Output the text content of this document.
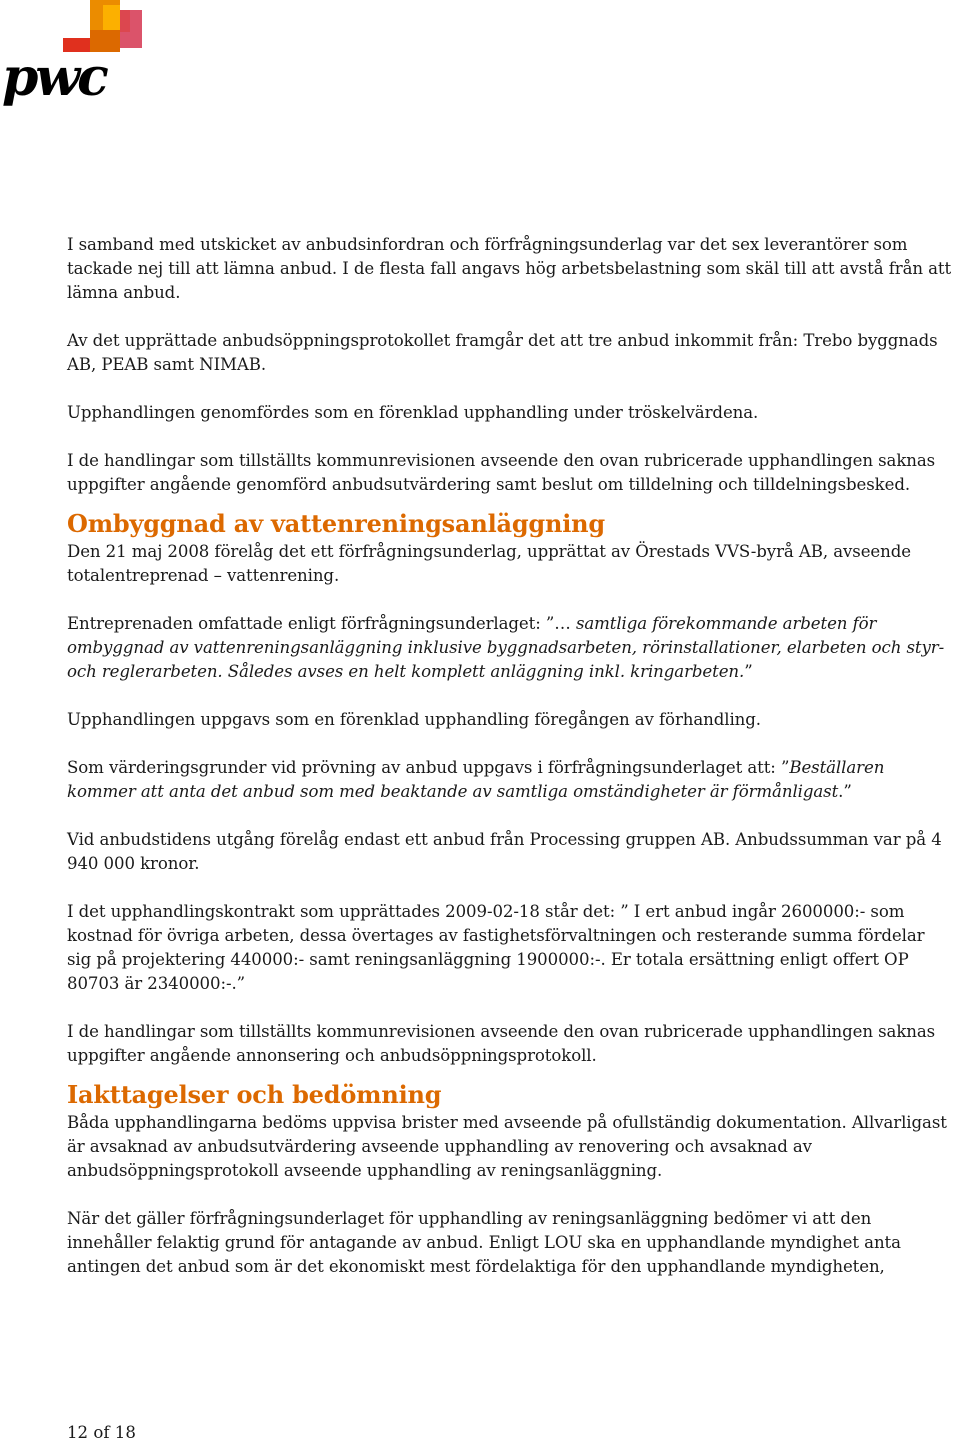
pwc

I samband med utskicket av anbudsinfordran och förfrågningsunderlag var det sex leverantörer som tackade nej till att lämna anbud. I de flesta fall angavs hög arbetsbelastning som skäl till att avstå från att lämna anbud.

Av det upprättade anbudsöppningsprotokollet framgår det att tre anbud inkommit från: Trebo byggnads AB, PEAB samt NIMAB.

Upphandlingen genomfördes som en förenklad upphandling under tröskelvärdena.

I de handlingar som tillställts kommunrevisionen avseende den ovan rubricerade upphandlingen saknas uppgifter angående genomförd anbudsutvärdering samt beslut om tilldelning och tilldelningsbesked.

Ombyggnad av vattenreningsanläggning

Den 21 maj 2008 förelåg det ett förfrågningsunderlag, upprättat av Örestads VVS-byrå AB, avseende totalentreprenad – vattenrening.

Entreprenaden omfattade enligt förfrågningsunderlaget: ”… samtliga förekommande arbeten för ombyggnad av vattenreningsanläggning inklusive byggnadsarbeten, rörinstallationer, elarbeten och styr- och reglerarbeten. Således avses en helt komplett anläggning inkl. kringarbeten.”

Upphandlingen uppgavs som en förenklad upphandling föregången av förhandling.

Som värderingsgrunder vid prövning av anbud uppgavs i förfrågningsunderlaget att: ”Beställaren kommer att anta det anbud som med beaktande av samtliga omständigheter är förmånligast.”

Vid anbudstidens utgång förelåg endast ett anbud från Processing gruppen AB. Anbudssumman var på 4 940 000 kronor.

I det upphandlingskontrakt som upprättades 2009-02-18 står det: ” I ert anbud ingår 2600000:- som kostnad för övriga arbeten, dessa övertages av fastighetsförvaltningen och resterande summa fördelar sig på projektering 440000:- samt reningsanläggning 1900000:-. Er totala ersättning enligt offert OP 80703 är 2340000:-.”

I de handlingar som tillställts kommunrevisionen avseende den ovan rubricerade upphandlingen saknas uppgifter angående annonsering och anbudsöppningsprotokoll.

Iakttagelser och bedömning

Båda upphandlingarna bedöms uppvisa brister med avseende på ofullständig dokumentation. Allvarligast är avsaknad av anbudsutvärdering avseende upphandling av renovering och avsaknad av anbudsöppningsprotokoll avseende upphandling av reningsanläggning.

När det gäller förfrågningsunderlaget för upphandling av reningsanläggning bedömer vi att den innehåller felaktig grund för antagande av anbud. Enligt LOU ska en upphandlande myndighet anta antingen det anbud som är det ekonomiskt mest fördelaktiga för den upphandlande myndigheten,

12 of 18
